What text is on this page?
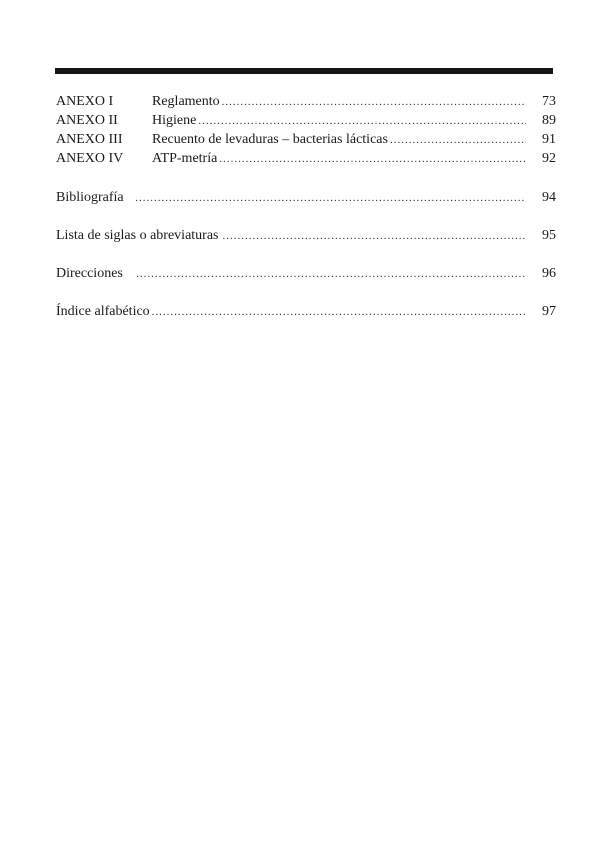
ANEXO I	Reglamento .....	73
ANEXO II	Higiene .....	89
ANEXO III	Recuento de levaduras – bacterias lácticas .....	91
ANEXO IV	ATP-metría .....	92
Bibliografía .....	94
Lista de siglas o abreviaturas .....	95
Direcciones .....	96
Índice alfabético .....	97
